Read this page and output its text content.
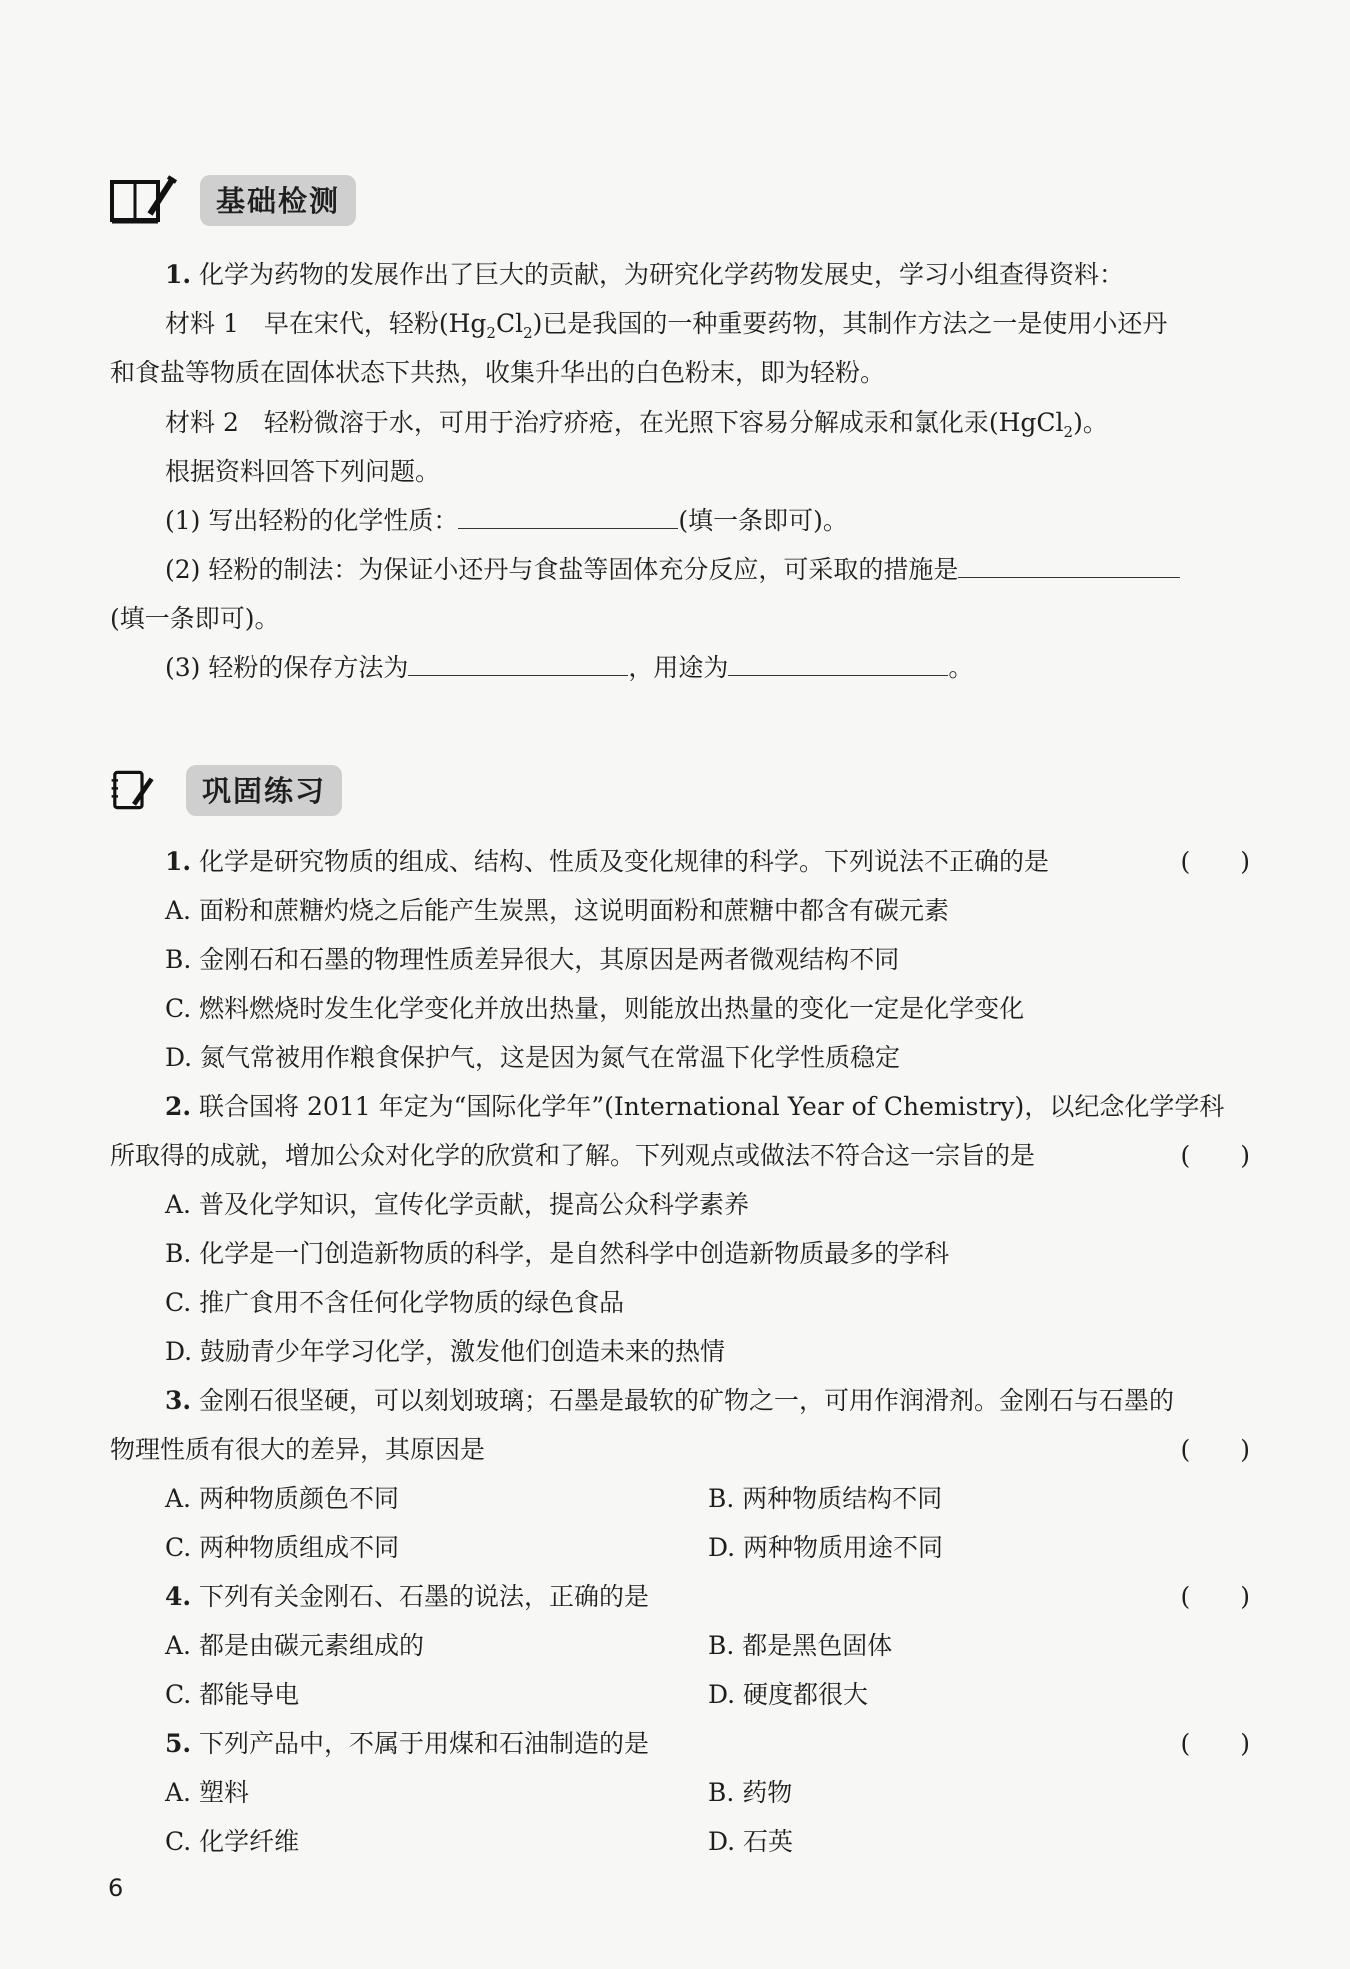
基础检测
1. 化学为药物的发展作出了巨大的贡献，为研究化学药物发展史，学习小组查得资料：
材料 1　早在宋代，轻粉$(Hg_2Cl_2)$已是我国的一种重要药物，其制作方法之一是使用小还丹
和食盐等物质在固体状态下共热，收集升华出的白色粉末，即为轻粉。
材料 2　轻粉微溶于水，可用于治疗疥疮，在光照下容易分解成汞和氯化汞(HgCl$_2$)。
根据资料回答下列问题。
(1) 写出轻粉的化学性质：	(填一条即可)。
(2) 轻粉的制法：为保证小还丹与食盐等固体充分反应，可采取的措施是
(填一条即可)。
(3) 轻粉的保存方法为	，用途为	。
巩固练习
1. 化学是研究物质的组成、结构、性质及变化规律的科学。下列说法不正确的是	(　　)
A. 面粉和蔗糖灼烧之后能产生炭黑，这说明面粉和蔗糖中都含有碳元素
B. 金刚石和石墨的物理性质差异很大，其原因是两者微观结构不同
C. 燃料燃烧时发生化学变化并放出热量，则能放出热量的变化一定是化学变化
D. 氮气常被用作粮食保护气，这是因为氮气在常温下化学性质稳定
2. 联合国将 2011 年定为“国际化学年”(International Year of Chemistry)，以纪念化学学科
所取得的成就，增加公众对化学的欣赏和了解。下列观点或做法不符合这一宗旨的是	(　　)
A. 普及化学知识，宣传化学贡献，提高公众科学素养
B. 化学是一门创造新物质的科学，是自然科学中创造新物质最多的学科
C. 推广食用不含任何化学物质的绿色食品
D. 鼓励青少年学习化学，激发他们创造未来的热情
3. 金刚石很坚硬，可以刻划玻璃；石墨是最软的矿物之一，可用作润滑剂。金刚石与石墨的
物理性质有很大的差异，其原因是	(　　)
A. 两种物质颜色不同	B. 两种物质结构不同
C. 两种物质组成不同	D. 两种物质用途不同
4. 下列有关金刚石、石墨的说法，正确的是	(　　)
A. 都是由碳元素组成的	B. 都是黑色固体
C. 都能导电	D. 硬度都很大
5. 下列产品中，不属于用煤和石油制造的是	(　　)
A. 塑料	B. 药物
C. 化学纤维	D. 石英
6
